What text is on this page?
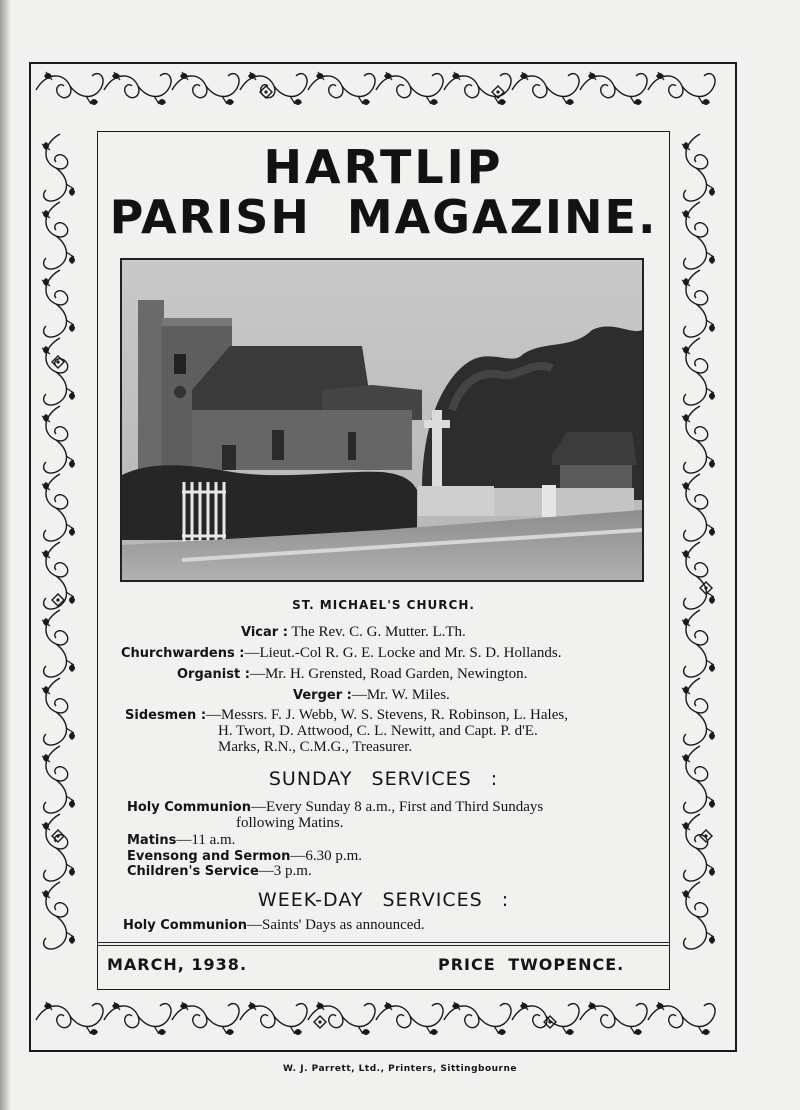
HARTLIP
PARISH MAGAZINE.
ST. MICHAEL'S CHURCH.
Vicar : The Rev. C. G. Mutter. L.Th.
Churchwardens :—Lieut.-Col R. G. E. Locke and Mr. S. D. Hollands.
Organist :—Mr. H. Grensted, Road Garden, Newington.
Verger :—Mr. W. Miles.
Sidesmen :—Messrs. F. J. Webb, W. S. Stevens, R. Robinson, L. Hales,
H. Twort, D. Attwood, C. L. Newitt, and Capt. P. d'E.
Marks, R.N., C.M.G., Treasurer.
SUNDAY SERVICES :
Holy Communion—Every Sunday 8 a.m., First and Third Sundays
following Matins.
Matins—11 a.m.
Evensong and Sermon—6.30 p.m.
Children's Service—3 p.m.
WEEK-DAY SERVICES :
Holy Communion—Saints' Days as announced.
MARCH, 1938.	PRICE TWOPENCE.
W. J. Parrett, Ltd., Printers, Sittingbourne
